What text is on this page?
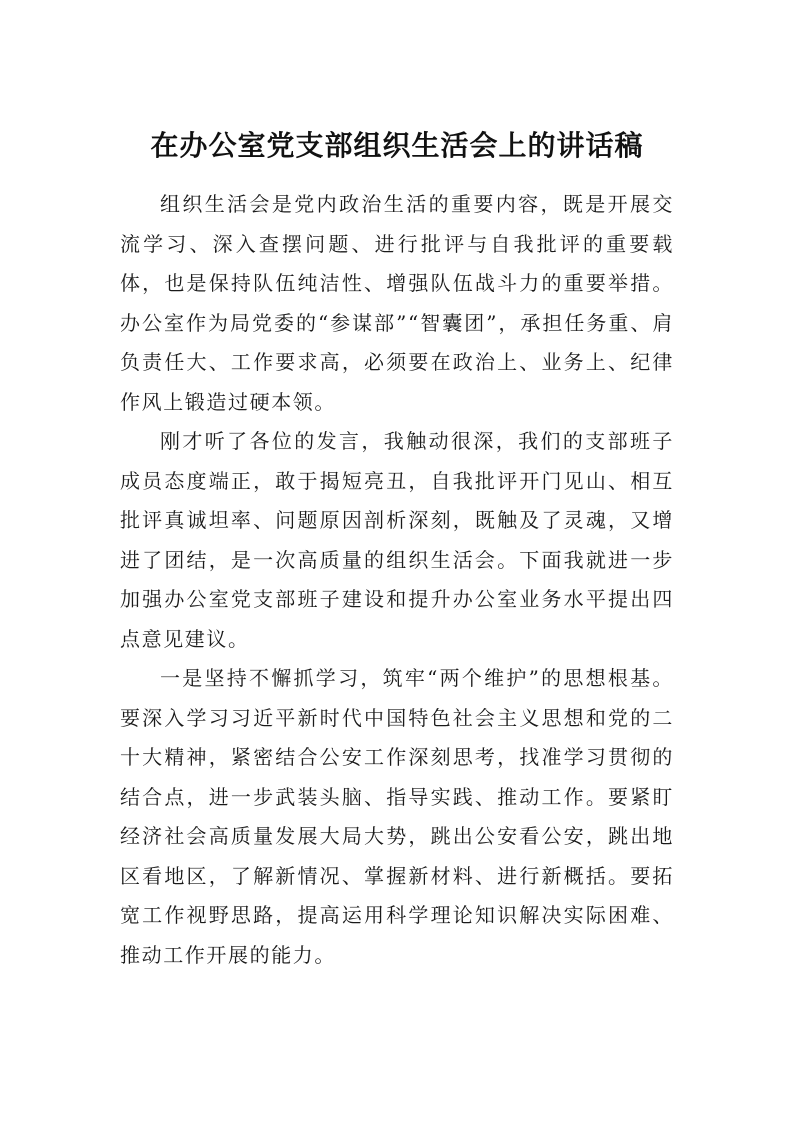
在办公室党支部组织生活会上的讲话稿

组织生活会是党内政治生活的重要内容，既是开展交流学习、深入查摆问题、进行批评与自我批评的重要载体，也是保持队伍纯洁性、增强队伍战斗力的重要举措。办公室作为局党委的“参谋部”“智囊团”，承担任务重、肩负责任大、工作要求高，必须要在政治上、业务上、纪律作风上锻造过硬本领。

刚才听了各位的发言，我触动很深，我们的支部班子成员态度端正，敢于揭短亮丑，自我批评开门见山、相互批评真诚坦率、问题原因剖析深刻，既触及了灵魂，又增进了团结，是一次高质量的组织生活会。下面我就进一步加强办公室党支部班子建设和提升办公室业务水平提出四点意见建议。

一是坚持不懈抓学习，筑牢“两个维护”的思想根基。要深入学习习近平新时代中国特色社会主义思想和党的二十大精神，紧密结合公安工作深刻思考，找准学习贯彻的结合点，进一步武装头脑、指导实践、推动工作。要紧盯经济社会高质量发展大局大势，跳出公安看公安，跳出地区看地区，了解新情况、掌握新材料、进行新概括。要拓宽工作视野思路，提高运用科学理论知识解决实际困难、推动工作开展的能力。
